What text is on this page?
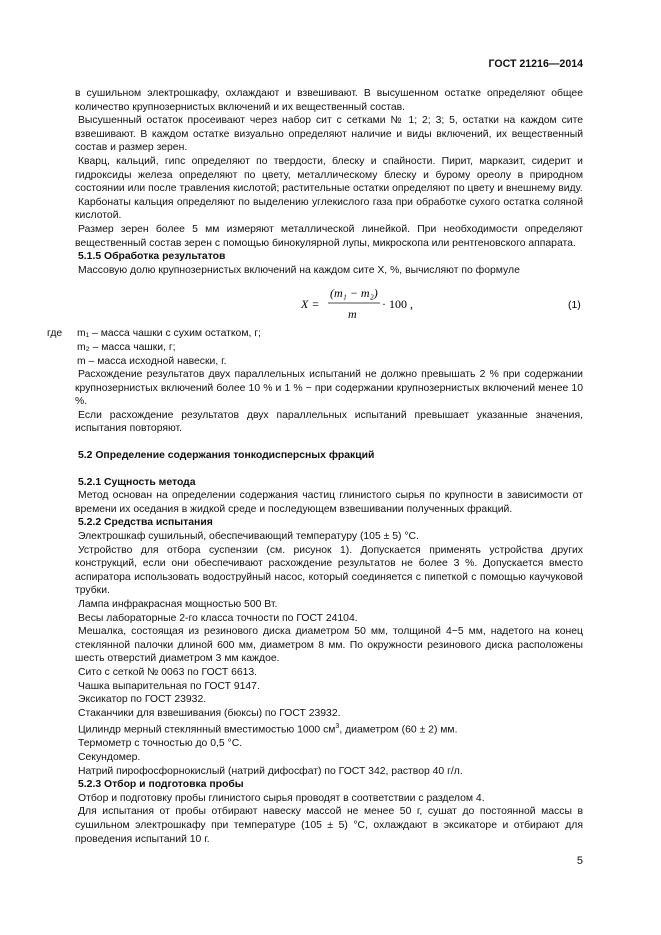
ГОСТ 21216—2014

в сушильном электрошкафу, охлаждают и взвешивают. В высушенном остатке определяют общее количество крупнозернистых включений и их вещественный состав.

Высушенный остаток просеивают через набор сит с сетками № 1; 2; 3; 5, остатки на каждом сите взвешивают. В каждом остатке визуально определяют наличие и виды включений, их вещественный состав и размер зерен.

Кварц, кальций, гипс определяют по твердости, блеску и спайности. Пирит, марказит, сидерит и гидроксиды железа определяют по цвету, металлическому блеску и бурому ореолу в природном состоянии или после травления кислотой; растительные остатки определяют по цвету и внешнему виду.

Карбонаты кальция определяют по выделению углекислого газа при обработке сухого остатка соляной кислотой.

Размер зерен более 5 мм измеряют металлической линейкой. При необходимости определяют вещественный состав зерен с помощью бинокулярной лупы, микроскопа или рентгеновского аппарата.

5.1.5 Обработка результатов

Массовую долю крупнозернистых включений на каждом сите X, %, вычисляют по формуле

X =
(m₁ − m₂)
m
· 100 ,	(1)
где	m₁ – масса чашки с сухим остатком, г;
m₂ – масса чашки, г;
m – масса исходной навески, г.

Расхождение результатов двух параллельных испытаний не должно превышать 2 % при содержании крупнозернистых включений более 10 % и 1 % − при содержании крупнозернистых включений менее 10 %.

Если расхождение результатов двух параллельных испытаний превышает указанные значения, испытания повторяют.

5.2 Определение содержания тонкодисперсных фракций

5.2.1 Сущность метода

Метод основан на определении содержания частиц глинистого сырья по крупности в зависимости от времени их оседания в жидкой среде и последующем взвешивании полученных фракций.

5.2.2 Средства испытания

Электрошкаф сушильный, обеспечивающий температуру (105 ± 5) °С.

Устройство для отбора суспензии (см. рисунок 1). Допускается применять устройства других конструкций, если они обеспечивают расхождение результатов не более 3 %. Допускается вместо аспиратора использовать водоструйный насос, который соединяется с пипеткой с помощью каучуковой трубки.

Лампа инфракрасная мощностью 500 Вт.

Весы лабораторные 2-го класса точности по ГОСТ 24104.

Мешалка, состоящая из резинового диска диаметром 50 мм, толщиной 4−5 мм, надетого на конец стеклянной палочки длиной 600 мм, диаметром 8 мм. По окружности резинового диска расположены шесть отверстий диаметром 3 мм каждое.

Сито с сеткой № 0063 по ГОСТ 6613.

Чашка выпарительная по ГОСТ 9147.

Эксикатор по ГОСТ 23932.

Стаканчики для взвешивания (бюксы) по ГОСТ 23932.

Цилиндр мерный стеклянный вместимостью 1000 $см^3$, диаметром (60 ± 2) мм.

Термометр с точностью до 0,5 °С.

Секундомер.

Натрий пирофосфорнокислый (натрий дифосфат) по ГОСТ 342, раствор 40 г/л.

5.2.3 Отбор и подготовка пробы

Отбор и подготовку пробы глинистого сырья проводят в соответствии с разделом 4.

Для испытания от пробы отбирают навеску массой не менее 50 г, сушат до постоянной массы в сушильном электрошкафу при температуре (105 ± 5) °С, охлаждают в эксикаторе и отбирают для проведения испытаний 10 г.

5
